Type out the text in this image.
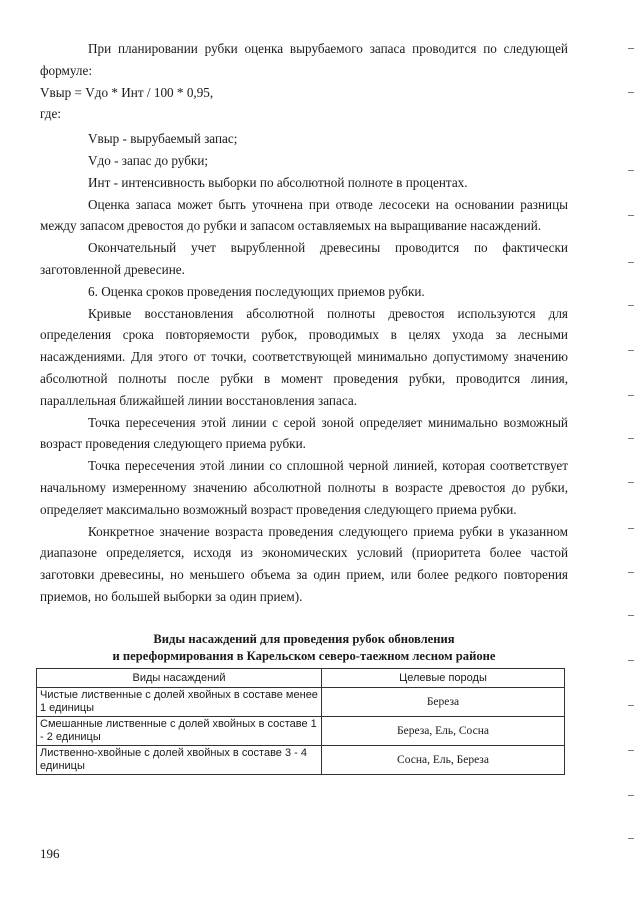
При планировании рубки оценка вырубаемого запаса проводится по следующей формуле:

Vвыр = Vдо * Инт / 100 * 0,95,

где:

Vвыр - вырубаемый запас;

Vдо - запас до рубки;

Инт - интенсивность выборки по абсолютной полноте в процентах.

Оценка запаса может быть уточнена при отводе лесосеки на основании разницы между запасом древостоя до рубки и запасом оставляемых на выращивание насаждений.

Окончательный учет вырубленной древесины проводится по фактически заготовленной древесине.

6. Оценка сроков проведения последующих приемов рубки.

Кривые восстановления абсолютной полноты древостоя используются для определения срока повторяемости рубок, проводимых в целях ухода за лесными насаждениями. Для этого от точки, соответствующей минимально допустимому значению абсолютной полноты после рубки в момент проведения рубки, проводится линия, параллельная ближайшей линии восстановления запаса.

Точка пересечения этой линии с серой зоной определяет минимально возможный возраст проведения следующего приема рубки.

Точка пересечения этой линии со сплошной черной линией, которая соответствует начальному измеренному значению абсолютной полноты в возрасте древостоя до рубки, определяет максимально возможный возраст проведения следующего приема рубки.

Конкретное значение возраста проведения следующего приема рубки в указанном диапазоне определяется, исходя из экономических условий (приоритета более частой заготовки древесины, но меньшего объема за один прием, или более редкого повторения приемов, но большей выборки за один прием).

Виды насаждений для проведения рубок обновления
и переформирования в Карельском северо-таежном лесном районе
Виды насаждений	Целевые породы
Чистые лиственные с долей хвойных в составе менее 1 единицы	Береза
Смешанные лиственные с долей хвойных в составе 1 - 2 единицы	Береза, Ель, Сосна
Лиственно-хвойные с долей хвойных в составе 3 - 4 единицы	Сосна, Ель, Береза
196
